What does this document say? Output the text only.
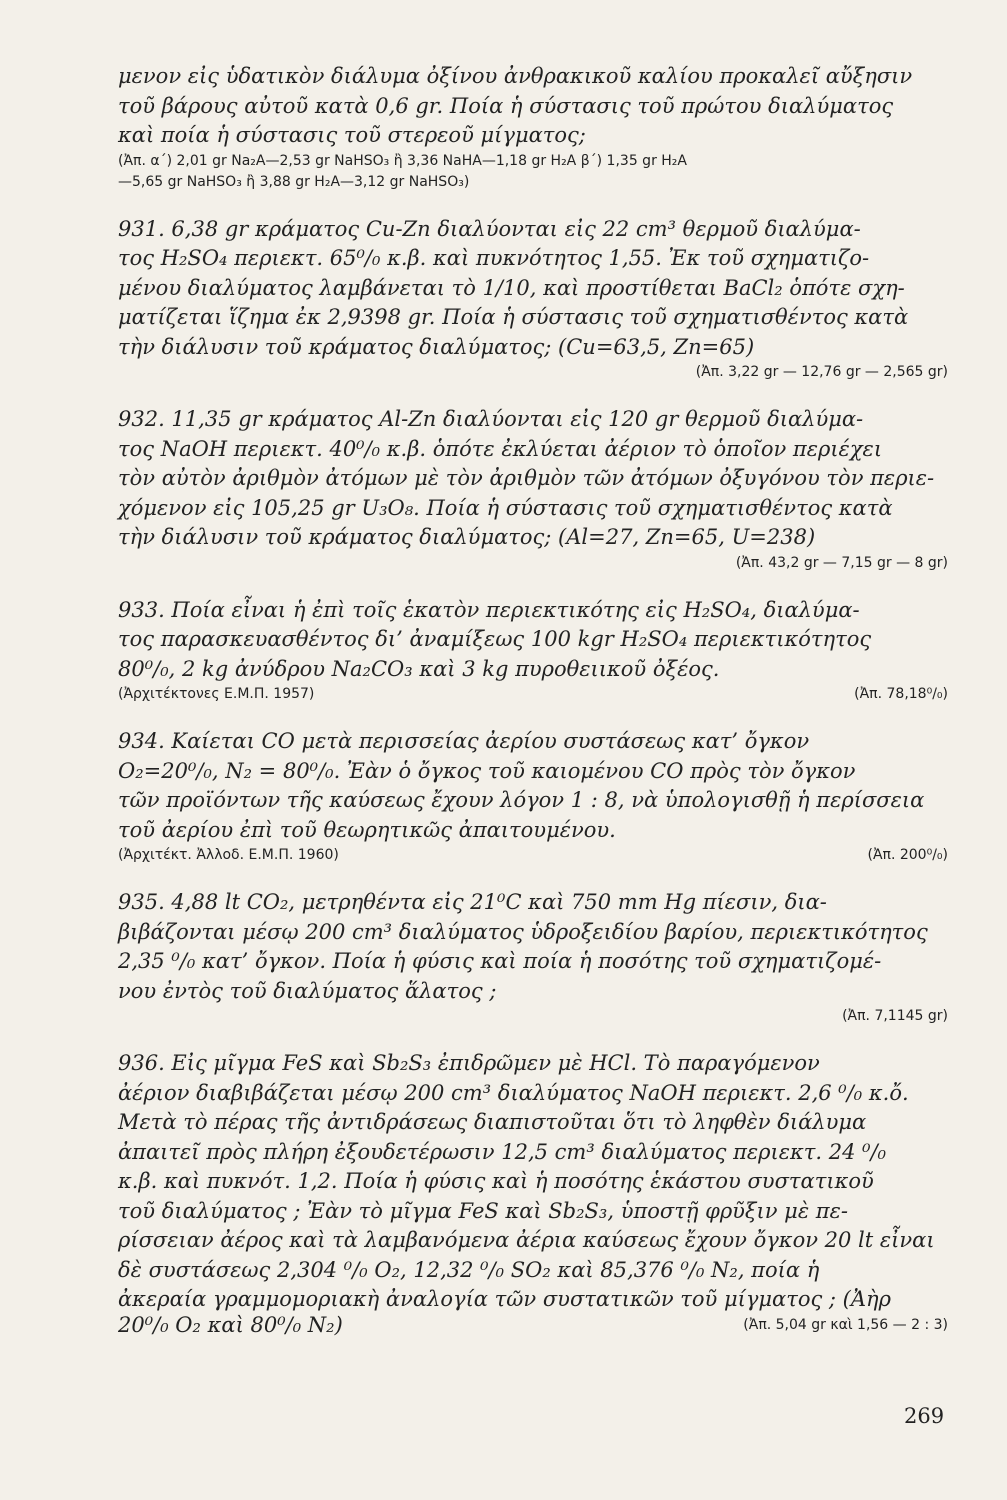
μενον εἰς ὑδατικὸν διάλυμα ὀξίνου ἀνθρακικοῦ καλίου προκαλεῖ αὔξησιν
τοῦ βάρους αὐτοῦ κατὰ 0,6 gr. Ποία ἡ σύστασις τοῦ πρώτου διαλύματος
καὶ ποία ἡ σύστασις τοῦ στερεοῦ μίγματος;
(Ἀπ. α΄) 2,01 gr Na₂A—2,53 gr NaHSO₃ ἢ 3,36 NaHA—1,18 gr H₂A β΄) 1,35 gr H₂A
—5,65 gr NaHSO₃ ἢ 3,88 gr H₂A—3,12 gr NaHSO₃)
931. 6,38 gr κράματος Cu-Zn διαλύονται εἰς 22 cm³ θερμοῦ διαλύμα-
τος H₂SO₄ περιεκτ. 65⁰/₀ κ.β. καὶ πυκνότητος 1,55. Ἐκ τοῦ σχηματιζο-
μένου διαλύματος λαμβάνεται τὸ 1/10, καὶ προστίθεται BaCl₂ ὁπότε σχη-
ματίζεται ἵζημα ἐκ 2,9398 gr. Ποία ἡ σύστασις τοῦ σχηματισθέντος κατὰ
τὴν διάλυσιν τοῦ κράματος διαλύματος; (Cu=63,5, Zn=65)
(Ἀπ. 3,22 gr — 12,76 gr — 2,565 gr)
932. 11,35 gr κράματος Al-Zn διαλύονται εἰς 120 gr θερμοῦ διαλύμα-
τος NaOH περιεκτ. 40⁰/₀ κ.β. ὁπότε ἐκλύεται ἀέριον τὸ ὁποῖον περιέχει
τὸν αὐτὸν ἀριθμὸν ἀτόμων μὲ τὸν ἀριθμὸν τῶν ἀτόμων ὀξυγόνου τὸν περιε-
χόμενον εἰς 105,25 gr U₃O₈. Ποία ἡ σύστασις τοῦ σχηματισθέντος κατὰ
τὴν διάλυσιν τοῦ κράματος διαλύματος; (Al=27, Zn=65, U=238)
(Ἀπ. 43,2 gr — 7,15 gr — 8 gr)
933. Ποία εἶναι ἡ ἐπὶ τοῖς ἑκατὸν περιεκτικότης εἰς H₂SO₄, διαλύμα-
τος παρασκευασθέντος δι’ ἀναμίξεως 100 kgr H₂SO₄ περιεκτικότητος
80⁰/₀, 2 kg ἀνύδρου Na₂CO₃ καὶ 3 kg πυροθειικοῦ ὀξέος.
(Ἀρχιτέκτονες Ε.Μ.Π. 1957)	(Ἀπ. 78,18⁰/₀)
934. Καίεται CO μετὰ περισσείας ἀερίου συστάσεως κατ’ ὄγκον
O₂=20⁰/₀, N₂ = 80⁰/₀. Ἐὰν ὁ ὄγκος τοῦ καιομένου CO πρὸς τὸν ὄγκον
τῶν προϊόντων τῆς καύσεως ἔχουν λόγον 1 : 8, νὰ ὑπολογισθῇ ἡ περίσσεια
τοῦ ἀερίου ἐπὶ τοῦ θεωρητικῶς ἀπαιτουμένου.
(Ἀρχιτέκτ. Ἀλλοδ. Ε.Μ.Π. 1960)	(Ἀπ. 200⁰/₀)
935. 4,88 lt CO₂, μετρηθέντα εἰς 21⁰C καὶ 750 mm Hg πίεσιν, δια-
βιβάζονται μέσῳ 200 cm³ διαλύματος ὑδροξειδίου βαρίου, περιεκτικότητος
2,35 ⁰/₀ κατ’ ὄγκον. Ποία ἡ φύσις καὶ ποία ἡ ποσότης τοῦ σχηματιζομέ-
νου ἐντὸς τοῦ διαλύματος ἅλατος ;
(Ἀπ. 7,1145 gr)
936. Εἰς μῖγμα FeS καὶ Sb₂S₃ ἐπιδρῶμεν μὲ HCl. Τὸ παραγόμενον
ἀέριον διαβιβάζεται μέσῳ 200 cm³ διαλύματος NaOH περιεκτ. 2,6 ⁰/₀ κ.ὄ.
Μετὰ τὸ πέρας τῆς ἀντιδράσεως διαπιστοῦται ὅτι τὸ ληφθὲν διάλυμα
ἀπαιτεῖ πρὸς πλήρη ἐξουδετέρωσιν 12,5 cm³ διαλύματος περιεκτ. 24 ⁰/₀
κ.β. καὶ πυκνότ. 1,2. Ποία ἡ φύσις καὶ ἡ ποσότης ἑκάστου συστατικοῦ
τοῦ διαλύματος ; Ἐὰν τὸ μῖγμα FeS καὶ Sb₂S₃, ὑποστῇ φρῦξιν μὲ πε-
ρίσσειαν ἀέρος καὶ τὰ λαμβανόμενα ἀέρια καύσεως ἔχουν ὄγκον 20 lt εἶναι
δὲ συστάσεως 2,304 ⁰/₀ O₂, 12,32 ⁰/₀ SO₂ καὶ 85,376 ⁰/₀ N₂, ποία ἡ
ἀκεραία γραμμομοριακὴ ἀναλογία τῶν συστατικῶν τοῦ μίγματος ; (Ἀὴρ
20⁰/₀ O₂ καὶ 80⁰/₀ N₂)	(Ἀπ. 5,04 gr καὶ 1,56 — 2 : 3)
269
